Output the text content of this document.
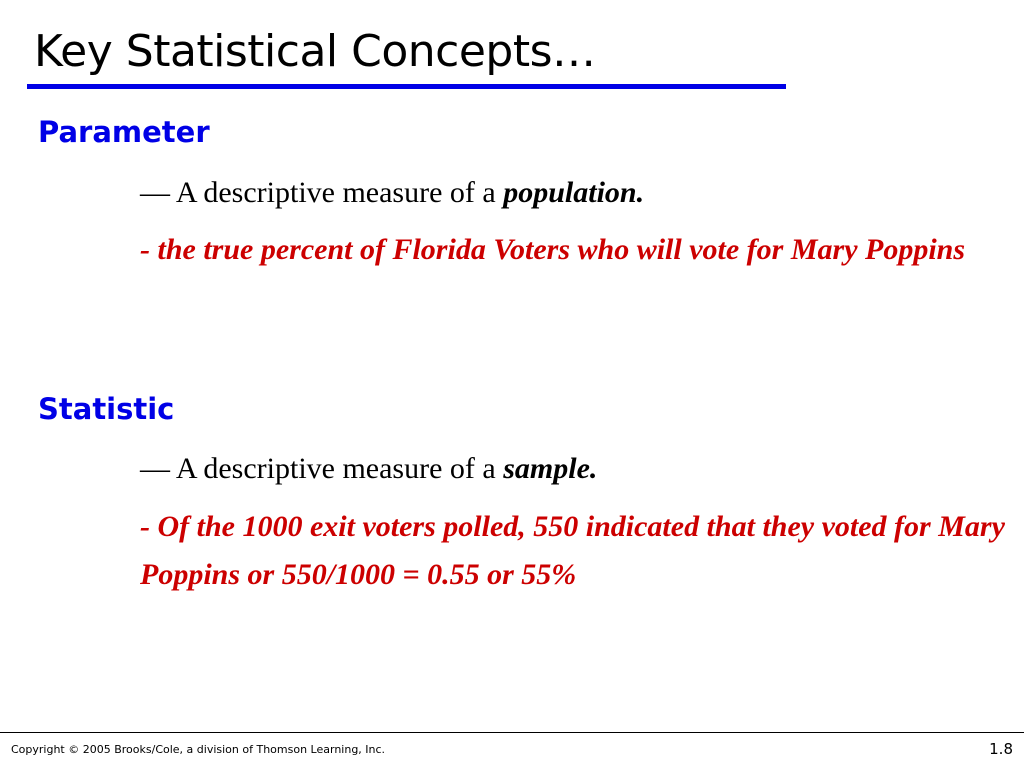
Key Statistical Concepts…
Parameter

— A descriptive measure of a population.

- the true percent of Florida Voters who will vote for Mary Poppins

Statistic

— A descriptive measure of a sample.

- Of the 1000 exit voters polled, 550 indicated that they voted for Mary Poppins or 550/1000 = 0.55 or 55%

Copyright © 2005 Brooks/Cole, a division of Thomson Learning, Inc.	1.8
